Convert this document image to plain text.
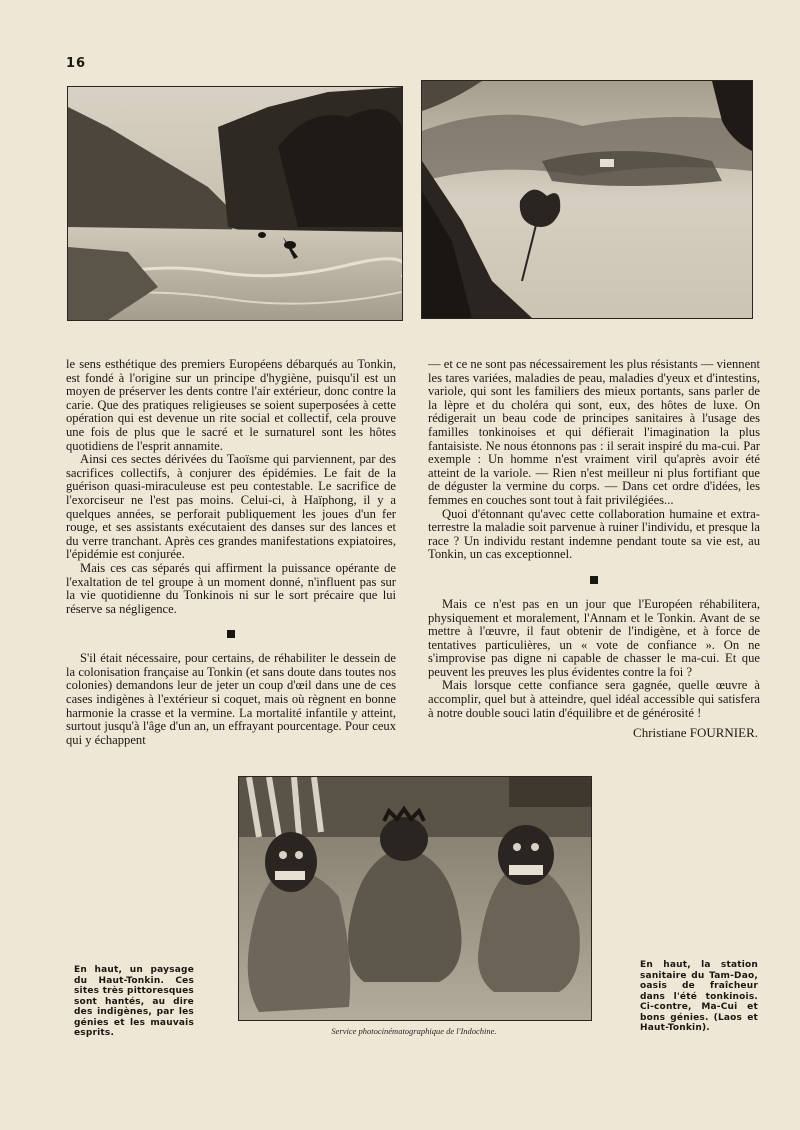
16

le sens esthétique des premiers Européens débarqués au Tonkin, est fondé à l'origine sur un principe d'hygiène, puisqu'il est un moyen de préserver les dents contre l'air extérieur, donc contre la carie. Que des pratiques religieuses se soient superposées à cette opération qui est devenue un rite social et collectif, cela prouve une fois de plus que le sacré et le surnaturel sont les hôtes quotidiens de l'esprit annamite.

Ainsi ces sectes dérivées du Taoïsme qui parviennent, par des sacrifices collectifs, à conjurer des épidémies. Le fait de la guérison quasi-miraculeuse est peu contestable. Le sacrifice de l'exorciseur ne l'est pas moins. Celui-ci, à Haïphong, il y a quelques années, se perforait publiquement les joues d'un fer rouge, et ses assistants exécutaient des danses sur des lances et du verre tranchant. Après ces grandes manifestations expiatoires, l'épidémie est conjurée.

Mais ces cas séparés qui affirment la puissance opérante de l'exaltation de tel groupe à un moment donné, n'influent pas sur la vie quotidienne du Tonkinois ni sur le sort précaire que lui réserve sa négligence.

S'il était nécessaire, pour certains, de réhabiliter le dessein de la colonisation française au Tonkin (et sans doute dans toutes nos colonies) demandons leur de jeter un coup d'œil dans une de ces cases indigènes à l'extérieur si coquet, mais où règnent en bonne harmonie la crasse et la vermine. La mortalité infantile y atteint, surtout jusqu'à l'âge d'un an, un effrayant pourcentage. Pour ceux qui y échappent

— et ce ne sont pas nécessairement les plus résistants — viennent les tares variées, maladies de peau, maladies d'yeux et d'intestins, variole, qui sont les familiers des mieux portants, sans parler de la lèpre et du choléra qui sont, eux, des hôtes de luxe. On rédigerait un beau code de principes sanitaires à l'usage des familles tonkinoises et qui défierait l'imagination la plus fantaisiste. Ne nous étonnons pas : il serait inspiré du ma-cui. Par exemple : Un homme n'est vraiment viril qu'après avoir été atteint de la variole. — Rien n'est meilleur ni plus fortifiant que de déguster la vermine du corps. — Dans cet ordre d'idées, les femmes en couches sont tout à fait privilégiées...

Quoi d'étonnant qu'avec cette collaboration humaine et extra-terrestre la maladie soit parvenue à ruiner l'individu, et presque la race ? Un individu restant indemne pendant toute sa vie est, au Tonkin, un cas exceptionnel.

Mais ce n'est pas en un jour que l'Européen réhabilitera, physiquement et moralement, l'Annam et le Tonkin. Avant de se mettre à l'œuvre, il faut obtenir de l'indigène, et à force de tentatives particulières, un « vote de confiance ». On ne s'improvise pas digne ni capable de chasser le ma-cui. Et que peuvent les preuves les plus évidentes contre la foi ?

Mais lorsque cette confiance sera gagnée, quelle œuvre à accomplir, quel but à atteindre, quel idéal accessible qui satisfera à notre double souci latin d'équilibre et de générosité !

Christiane FOURNIER.
En haut, un paysage du Haut-Tonkin. Ces sites très pittoresques sont hantés, au dire des indigènes, par les génies et les mauvais esprits.
En haut, la station sanitaire du Tam-Dao, oasis de fraîcheur dans l'été tonkinois. Ci-contre, Ma-Cui et bons génies. (Laos et Haut-Tonkin).
Service photocinématographique de l'Indochine.
